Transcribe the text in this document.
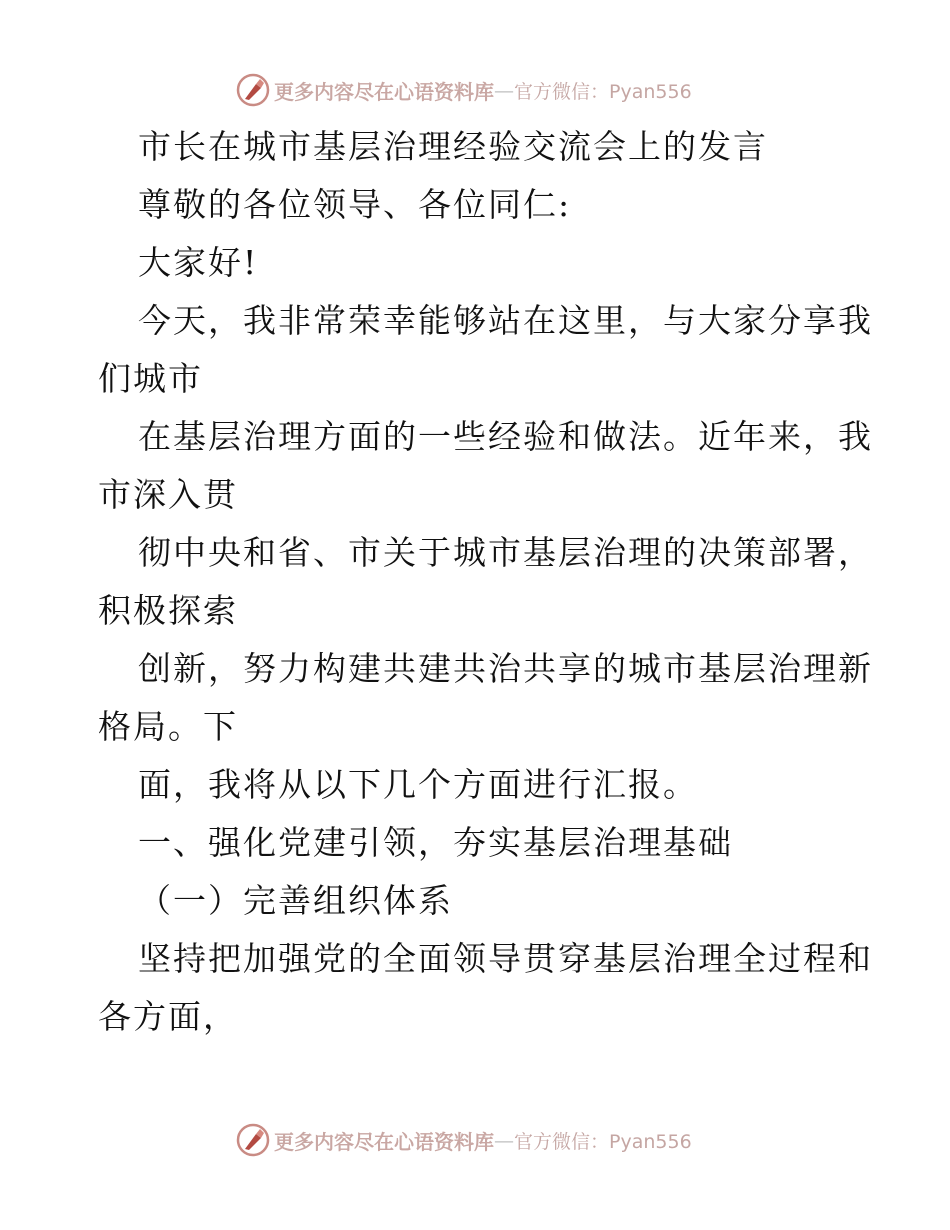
更多内容尽在心语资料库 — 官方微信：Pyan556

市长在城市基层治理经验交流会上的发言

尊敬的各位领导、各位同仁:

大家好!

今天，我非常荣幸能够站在这里，与大家分享我

们城市

在基层治理方面的一些经验和做法。近年来，我

市深入贯

彻中央和省、市关于城市基层治理的决策部署，

积极探索

创新，努力构建共建共治共享的城市基层治理新

格局。下

面，我将从以下几个方面进行汇报。

一、强化党建引领，夯实基层治理基础

（一）完善组织体系

坚持把加强党的全面领导贯穿基层治理全过程和

各方面，

更多内容尽在心语资料库 — 官方微信：Pyan556
